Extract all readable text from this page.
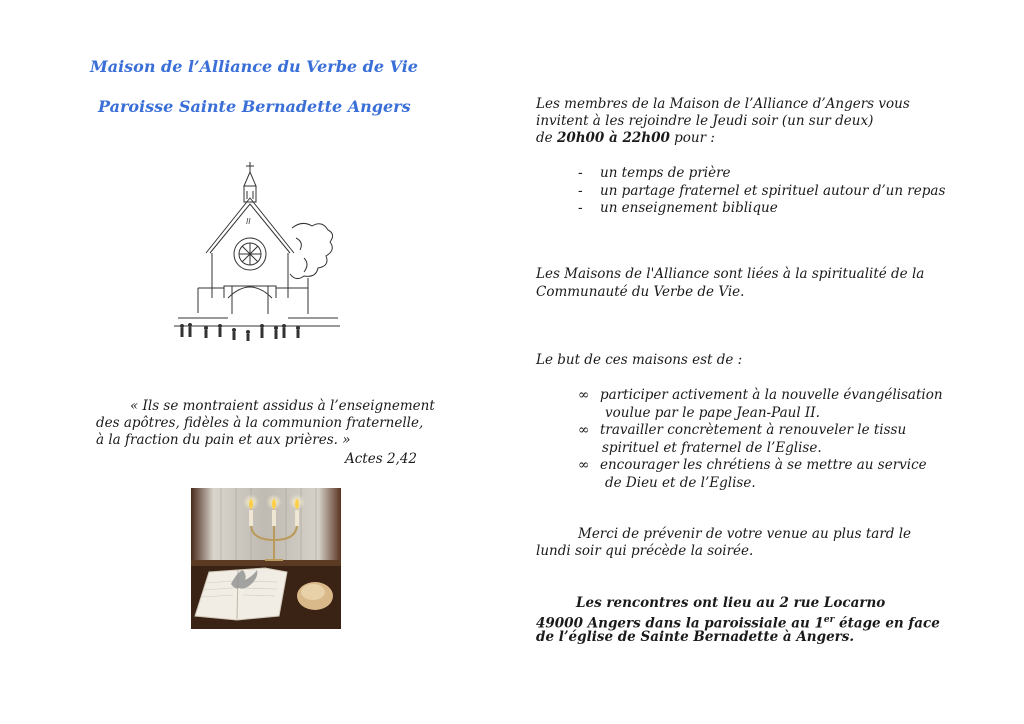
Maison de l’Alliance du Verbe de Vie
Paroisse Sainte Bernadette Angers
ll
« Ils se montraient assidus à l’enseignement
des apôtres, fidèles à la communion fraternelle,
à la fraction du pain et aux prières. »
Actes 2,42
Les membres de la Maison de l’Alliance d’Angers vous
invitent à les rejoindre le Jeudi soir (un sur deux)
de 20h00 à 22h00 pour :
-	un temps de prière
-	un partage fraternel et spirituel autour d’un repas
-	un enseignement biblique
Les Maisons de l'Alliance sont liées à la spiritualité de la
Communauté du Verbe de Vie.
Le but de ces maisons est de :
∞ participer activement à la nouvelle évangélisation
voulue par le pape Jean-Paul II.
∞ travailler concrètement à renouveler le tissu
spirituel et fraternel de l’Eglise.
∞ encourager les chrétiens à se mettre au service
de Dieu et de l’Eglise.
Merci de prévenir de votre venue au plus tard le
lundi soir qui précède la soirée.
Les rencontres ont lieu au 2 rue Locarno
49000 Angers dans la paroissiale au 1er étage en face
de l’église de Sainte Bernadette à Angers.
